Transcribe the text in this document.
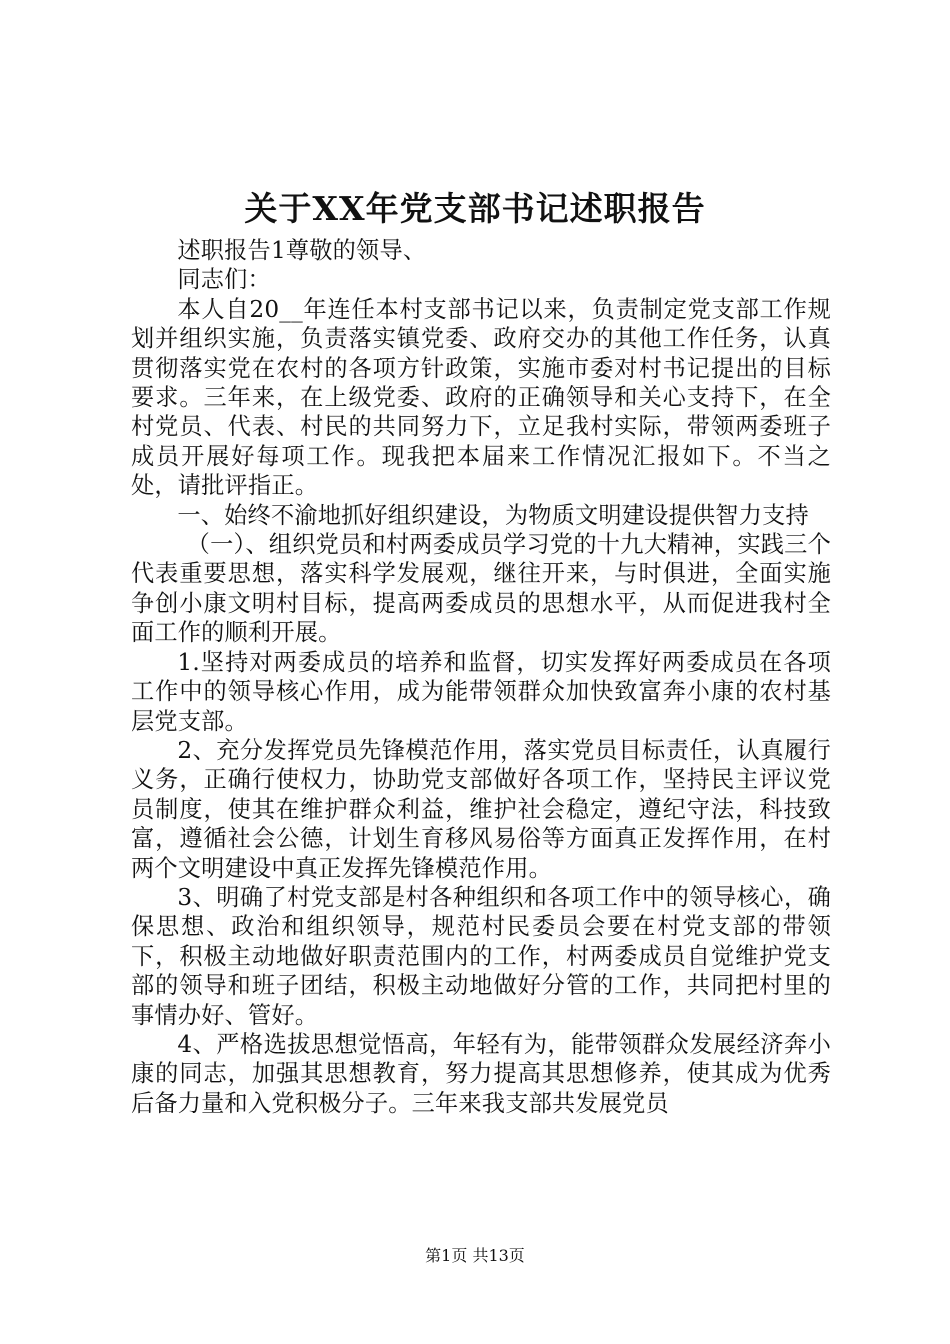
关于XX年党支部书记述职报告

述职报告1尊敬的领导、

同志们：

本人自20__年连任本村支部书记以来，负责制定党支部工作规划并组织实施，负责落实镇党委、政府交办的其他工作任务，认真贯彻落实党在农村的各项方针政策，实施市委对村书记提出的目标要求。三年来，在上级党委、政府的正确领导和关心支持下，在全村党员、代表、村民的共同努力下，立足我村实际，带领两委班子成员开展好每项工作。现我把本届来工作情况汇报如下。不当之处，请批评指正。

一、始终不渝地抓好组织建设，为物质文明建设提供智力支持

（一）、组织党员和村两委成员学习党的十九大精神，实践三个代表重要思想，落实科学发展观，继往开来，与时俱进，全面实施争创小康文明村目标，提高两委成员的思想水平，从而促进我村全面工作的顺利开展。

1.坚持对两委成员的培养和监督，切实发挥好两委成员在各项工作中的领导核心作用，成为能带领群众加快致富奔小康的农村基层党支部。

2、充分发挥党员先锋模范作用，落实党员目标责任，认真履行义务，正确行使权力，协助党支部做好各项工作，坚持民主评议党员制度，使其在维护群众利益，维护社会稳定，遵纪守法，科技致富，遵循社会公德，计划生育移风易俗等方面真正发挥作用，在村两个文明建设中真正发挥先锋模范作用。

3、明确了村党支部是村各种组织和各项工作中的领导核心，确保思想、政治和组织领导，规范村民委员会要在村党支部的带领下，积极主动地做好职责范围内的工作，村两委成员自觉维护党支部的领导和班子团结，积极主动地做好分管的工作，共同把村里的事情办好、管好。

4、严格选拔思想觉悟高，年轻有为，能带领群众发展经济奔小康的同志，加强其思想教育，努力提高其思想修养，使其成为优秀后备力量和入党积极分子。三年来我支部共发展党员

第1页 共13页
